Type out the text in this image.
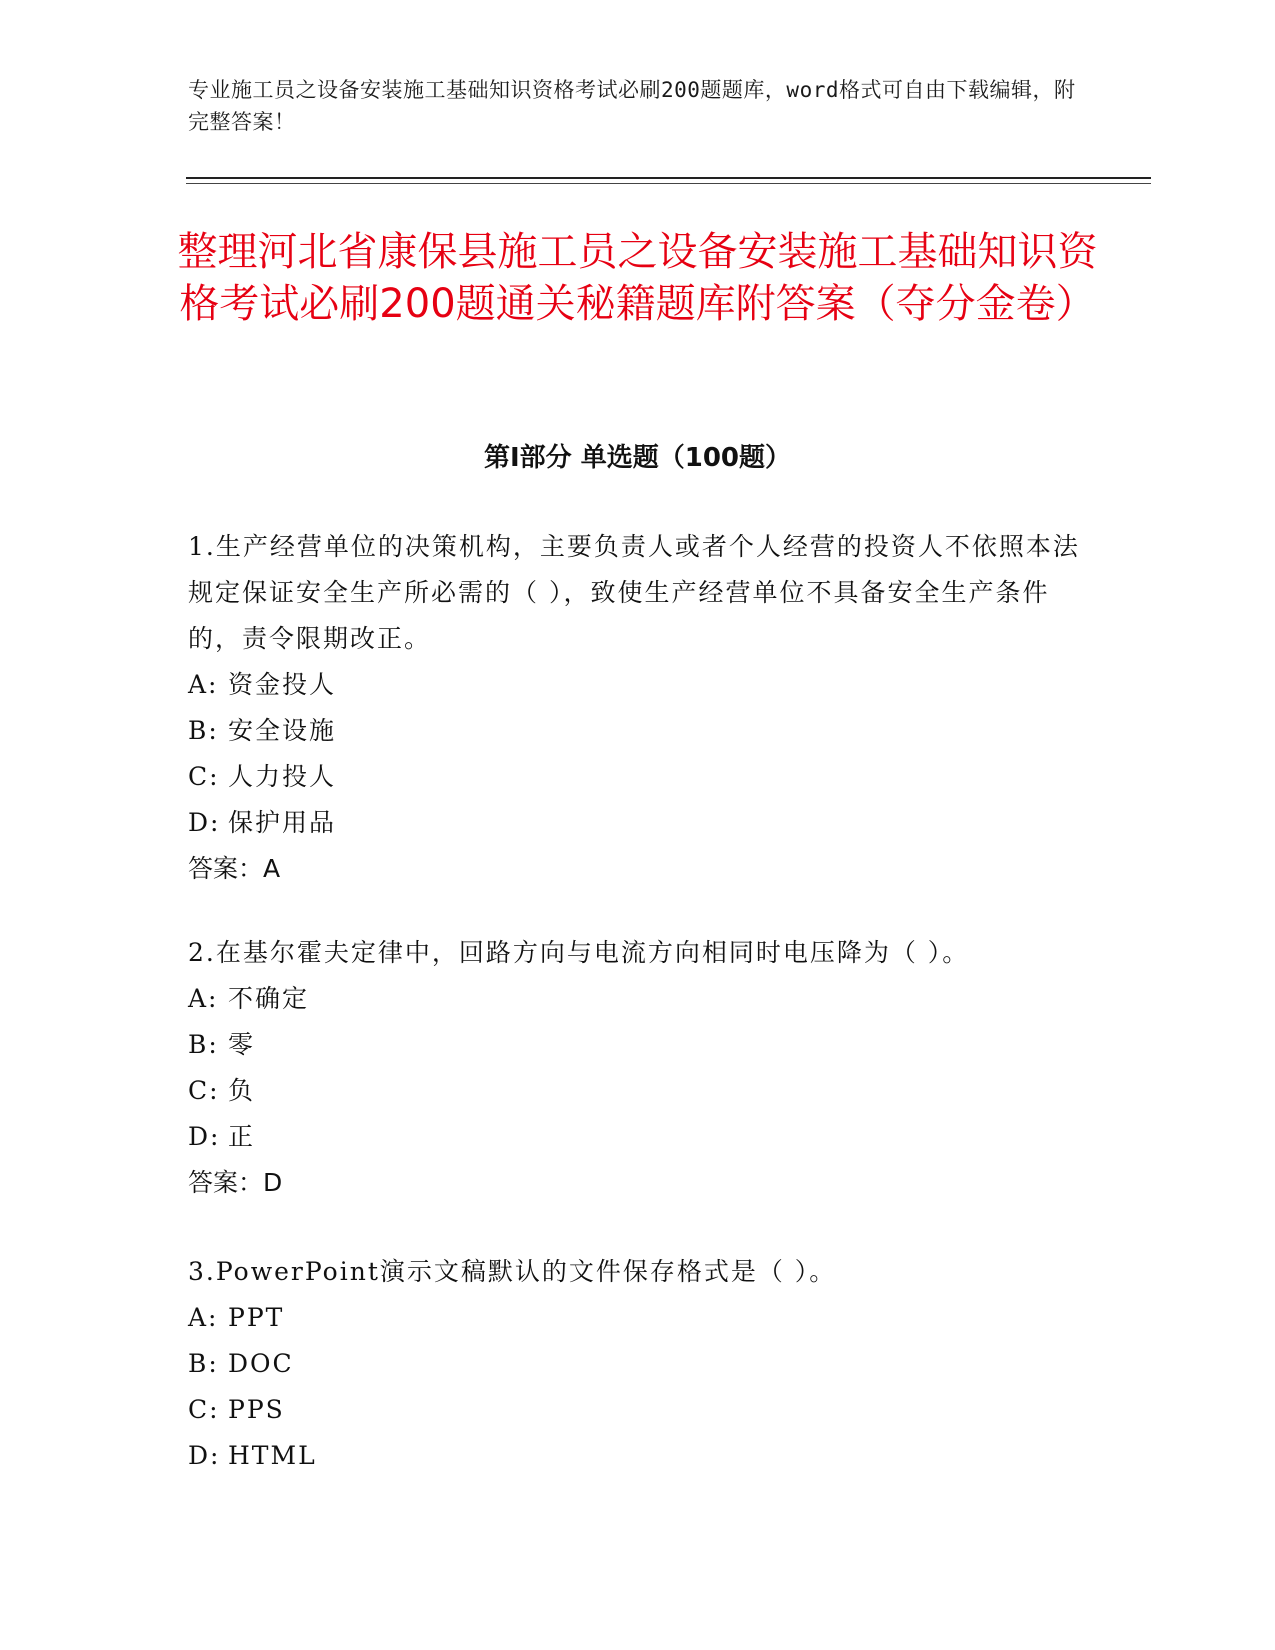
专业施工员之设备安装施工基础知识资格考试必刷200题题库，word格式可自由下载编辑，附完整答案！
整理河北省康保县施工员之设备安装施工基础知识资格考试必刷200题通关秘籍题库附答案（夺分金卷）
第Ⅰ部分 单选题（100题）

1.生产经营单位的决策机构，主要负责人或者个人经营的投资人不依照本法规定保证安全生产所必需的（ ），致使生产经营单位不具备安全生产条件的，责令限期改正。

A: 资金投人

B: 安全设施

C: 人力投人

D: 保护用品

答案：A

2.在基尔霍夫定律中，回路方向与电流方向相同时电压降为（ ）。

A: 不确定

B: 零

C: 负

D: 正

答案：D

3.PowerPoint演示文稿默认的文件保存格式是（ ）。

A: PPT

B: DOC

C: PPS

D: HTML
